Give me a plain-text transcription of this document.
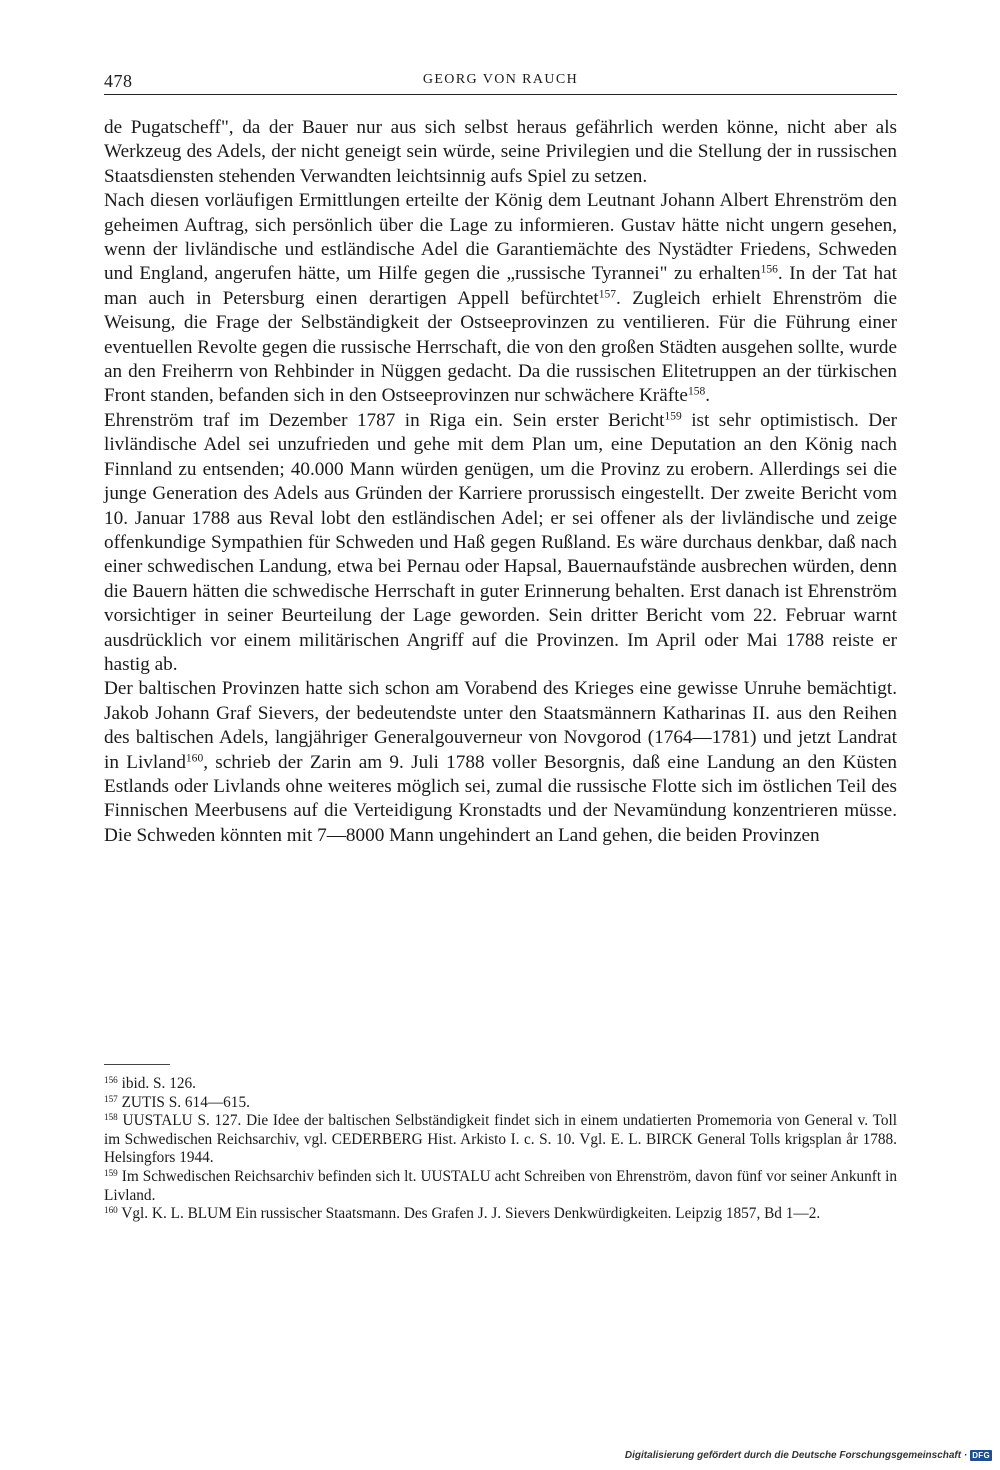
478	GEORG VON RAUCH

de Pugatscheff", da der Bauer nur aus sich selbst heraus gefährlich werden könne, nicht aber als Werkzeug des Adels, der nicht geneigt sein würde, seine Privilegien und die Stellung der in russischen Staatsdiensten stehenden Verwandten leichtsinnig aufs Spiel zu setzen.

Nach diesen vorläufigen Ermittlungen erteilte der König dem Leutnant Johann Albert Ehrenström den geheimen Auftrag, sich persönlich über die Lage zu informieren. Gustav hätte nicht ungern gesehen, wenn der livländische und estländische Adel die Garantiemächte des Nystädter Friedens, Schweden und England, angerufen hätte, um Hilfe gegen die „russische Tyrannei" zu erhalten$^{156}$. In der Tat hat man auch in Petersburg einen derartigen Appell befürchtet$^{157}$. Zugleich erhielt Ehrenström die Weisung, die Frage der Selbständigkeit der Ostseeprovinzen zu ventilieren. Für die Führung einer eventuellen Revolte gegen die russische Herrschaft, die von den großen Städten ausgehen sollte, wurde an den Freiherrn von Rehbinder in Nüggen gedacht. Da die russischen Elitetruppen an der türkischen Front standen, befanden sich in den Ostseeprovinzen nur schwächere Kräfte$^{158}$.

Ehrenström traf im Dezember 1787 in Riga ein. Sein erster Bericht$^{159}$ ist sehr optimistisch. Der livländische Adel sei unzufrieden und gehe mit dem Plan um, eine Deputation an den König nach Finnland zu entsenden; 40.000 Mann würden genügen, um die Provinz zu erobern. Allerdings sei die junge Generation des Adels aus Gründen der Karriere prorussisch eingestellt. Der zweite Bericht vom 10. Januar 1788 aus Reval lobt den estländischen Adel; er sei offener als der livländische und zeige offenkundige Sympathien für Schweden und Haß gegen Rußland. Es wäre durchaus denkbar, daß nach einer schwedischen Landung, etwa bei Pernau oder Hapsal, Bauernaufstände ausbrechen würden, denn die Bauern hätten die schwedische Herrschaft in guter Erinnerung behalten. Erst danach ist Ehrenström vorsichtiger in seiner Beurteilung der Lage geworden. Sein dritter Bericht vom 22. Februar warnt ausdrücklich vor einem militärischen Angriff auf die Provinzen. Im April oder Mai 1788 reiste er hastig ab.

Der baltischen Provinzen hatte sich schon am Vorabend des Krieges eine gewisse Unruhe bemächtigt. Jakob Johann Graf Sievers, der bedeutendste unter den Staatsmännern Katharinas II. aus den Reihen des baltischen Adels, langjähriger Generalgouverneur von Novgorod (1764—1781) und jetzt Landrat in Livland$^{160}$, schrieb der Zarin am 9. Juli 1788 voller Besorgnis, daß eine Landung an den Küsten Estlands oder Livlands ohne weiteres möglich sei, zumal die russische Flotte sich im östlichen Teil des Finnischen Meerbusens auf die Verteidigung Kronstadts und der Nevamündung konzentrieren müsse. Die Schweden könnten mit 7—8000 Mann ungehindert an Land gehen, die beiden Provinzen

$^{156}$ ibid. S. 126.

$^{157}$ ZUTIS S. 614—615.

$^{158}$ UUSTALU S. 127. Die Idee der baltischen Selbständigkeit findet sich in einem undatierten Promemoria von General v. Toll im Schwedischen Reichsarchiv, vgl. CEDERBERG Hist. Arkisto I. c. S. 10. Vgl. E. L. BIRCK General Tolls krigsplan år 1788. Helsingfors 1944.

$^{159}$ Im Schwedischen Reichsarchiv befinden sich lt. UUSTALU acht Schreiben von Ehrenström, davon fünf vor seiner Ankunft in Livland.

$^{160}$ Vgl. K. L. BLUM Ein russischer Staatsmann. Des Grafen J. J. Sievers Denkwürdigkeiten. Leipzig 1857, Bd 1—2.

Digitalisierung gefördert durch die Deutsche Forschungsgemeinschaft · DFG
